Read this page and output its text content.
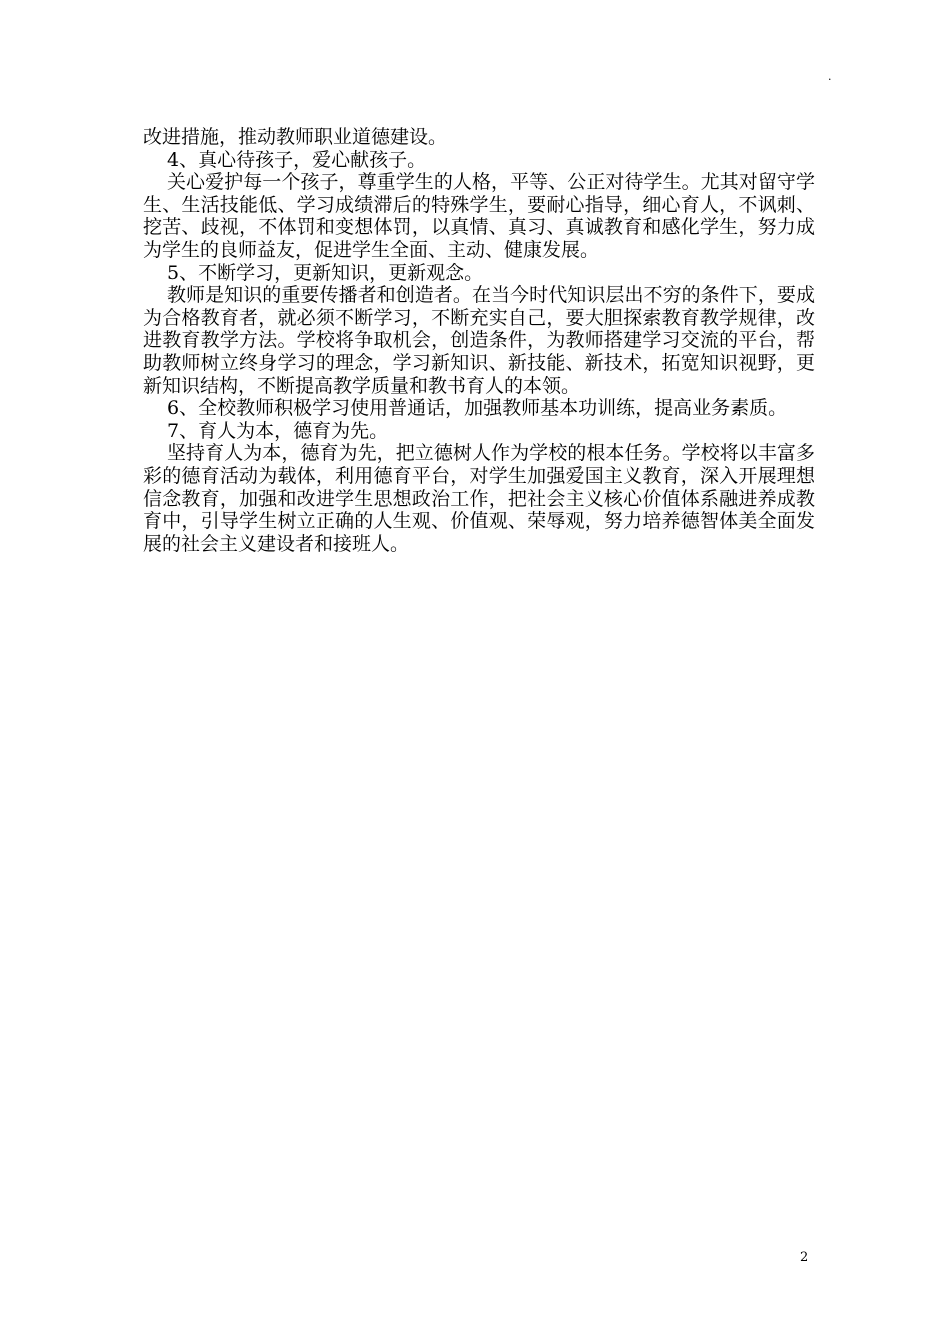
.

改进措施，推动教师职业道德建设。

4、真心待孩子，爱心献孩子。

关心爱护每一个孩子，尊重学生的人格，平等、公正对待学生。尤其对留守学生、生活技能低、学习成绩滞后的特殊学生，要耐心指导，细心育人，不讽刺、挖苦、歧视，不体罚和变想体罚，以真情、真习、真诚教育和感化学生，努力成为学生的良师益友，促进学生全面、主动、健康发展。

5、不断学习，更新知识，更新观念。

教师是知识的重要传播者和创造者。在当今时代知识层出不穷的条件下，要成为合格教育者，就必须不断学习，不断充实自己，要大胆探索教育教学规律，改进教育教学方法。学校将争取机会，创造条件，为教师搭建学习交流的平台，帮助教师树立终身学习的理念，学习新知识、新技能、新技术，拓宽知识视野，更新知识结构，不断提高教学质量和教书育人的本领。

6、全校教师积极学习使用普通话，加强教师基本功训练，提高业务素质。

7、育人为本，德育为先。

坚持育人为本，德育为先，把立德树人作为学校的根本任务。学校将以丰富多彩的德育活动为载体，利用德育平台，对学生加强爱国主义教育，深入开展理想信念教育，加强和改进学生思想政治工作，把社会主义核心价值体系融进养成教育中，引导学生树立正确的人生观、价值观、荣辱观，努力培养德智体美全面发展的社会主义建设者和接班人。

2
